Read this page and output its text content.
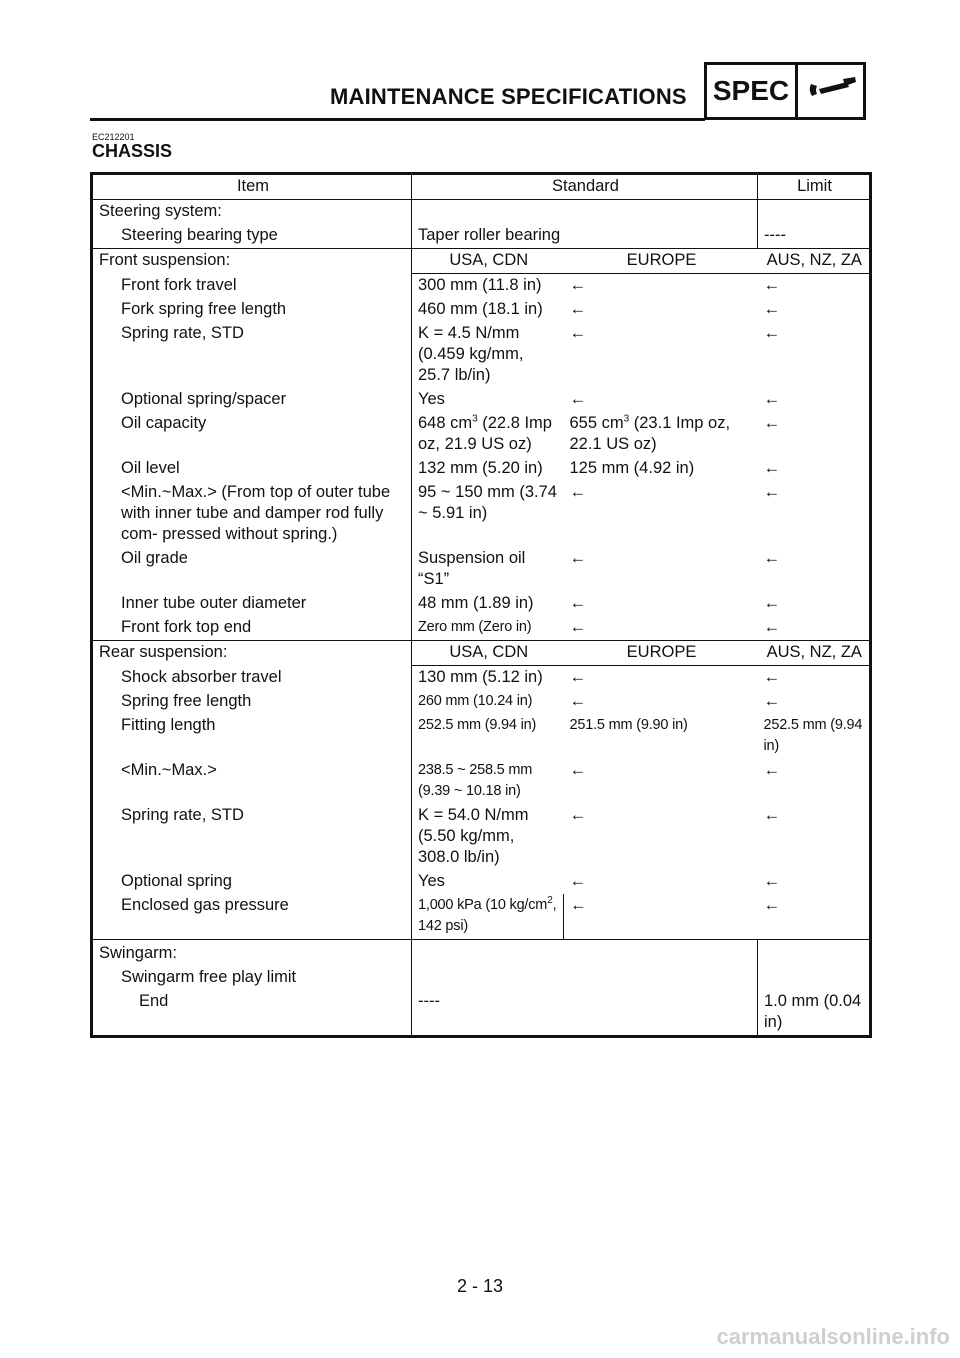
MAINTENANCE SPECIFICATIONS SPEC
EC212201
CHASSIS
Item	Standard		Limit
Steering system:			
Steering bearing type	Taper roller bearing		----
Front suspension:	USA, CDN	EUROPE	AUS, NZ, ZA
Front fork travel	300 mm (11.8 in)	←	←
Fork spring free length	460 mm (18.1 in)	←	←
Spring rate, STD	K = 4.5 N/mm (0.459 kg/mm, 25.7 lb/in)	←	←
Optional spring/spacer	Yes	←	←
Oil capacity	648 $cm^3$ (22.8 Imp oz, 21.9 US oz)	655 $cm^3$ (23.1 Imp oz, 22.1 US oz)	←
Oil level	132 mm (5.20 in)	125 mm (4.92 in)	←
<Min.~Max.> (From top of outer tube with inner tube and damper rod fully com- pressed without spring.)	95 ~ 150 mm (3.74 ~ 5.91 in)	←	←
Oil grade	Suspension oil “S1”	←	←
Inner tube outer diameter	48 mm (1.89 in)	←	←
Front fork top end	Zero mm (Zero in)	←	←
Rear suspension:	USA, CDN	EUROPE	AUS, NZ, ZA
Shock absorber travel	130 mm (5.12 in)	←	←
Spring free length	260 mm (10.24 in)	←	←
Fitting length	252.5 mm (9.94 in)	251.5 mm (9.90 in)	252.5 mm (9.94 in)
<Min.~Max.>	238.5 ~ 258.5 mm (9.39 ~ 10.18 in)	←	←
Spring rate, STD	K = 54.0 N/mm (5.50 kg/mm, 308.0 lb/in)	←	←
Optional spring	Yes	←	←
Enclosed gas pressure	1,000 kPa (10 $kg/cm^2$, 142 psi)	←	←
Swingarm:			
Swingarm free play limit			
End	----		1.0 mm (0.04 in)
2 - 13
carmanualsonline.info
